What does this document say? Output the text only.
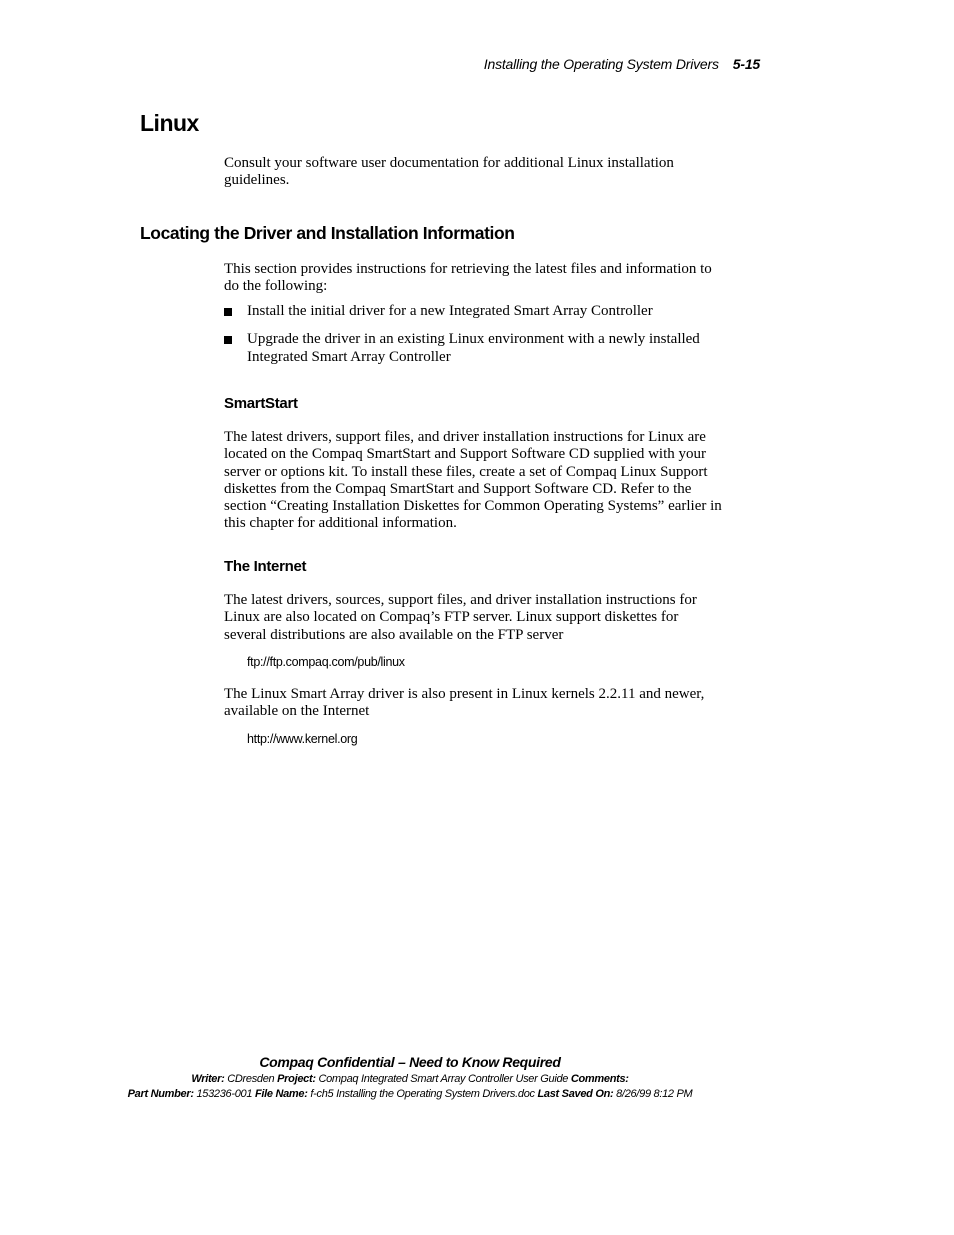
Installing the Operating System Drivers 5-15
Linux

Consult your software user documentation for additional Linux installation guidelines.

Locating the Driver and Installation Information

This section provides instructions for retrieving the latest files and information to do the following:

Install the initial driver for a new Integrated Smart Array Controller
Upgrade the driver in an existing Linux environment with a newly installed Integrated Smart Array Controller
SmartStart

The latest drivers, support files, and driver installation instructions for Linux are located on the Compaq SmartStart and Support Software CD supplied with your server or options kit. To install these files, create a set of Compaq Linux Support diskettes from the Compaq SmartStart and Support Software CD. Refer to the section “Creating Installation Diskettes for Common Operating Systems” earlier in this chapter for additional information.

The Internet

The latest drivers, sources, support files, and driver installation instructions for Linux are also located on Compaq’s FTP server. Linux support diskettes for several distributions are also available on the FTP server

ftp://ftp.compaq.com/pub/linux

The Linux Smart Array driver is also present in Linux kernels 2.2.11 and newer, available on the Internet

http://www.kernel.org

Compaq Confidential – Need to Know Required
Writer: CDresden Project: Compaq Integrated Smart Array Controller User Guide Comments:
Part Number: 153236-001 File Name: f-ch5 Installing the Operating System Drivers.doc Last Saved On: 8/26/99 8:12 PM
